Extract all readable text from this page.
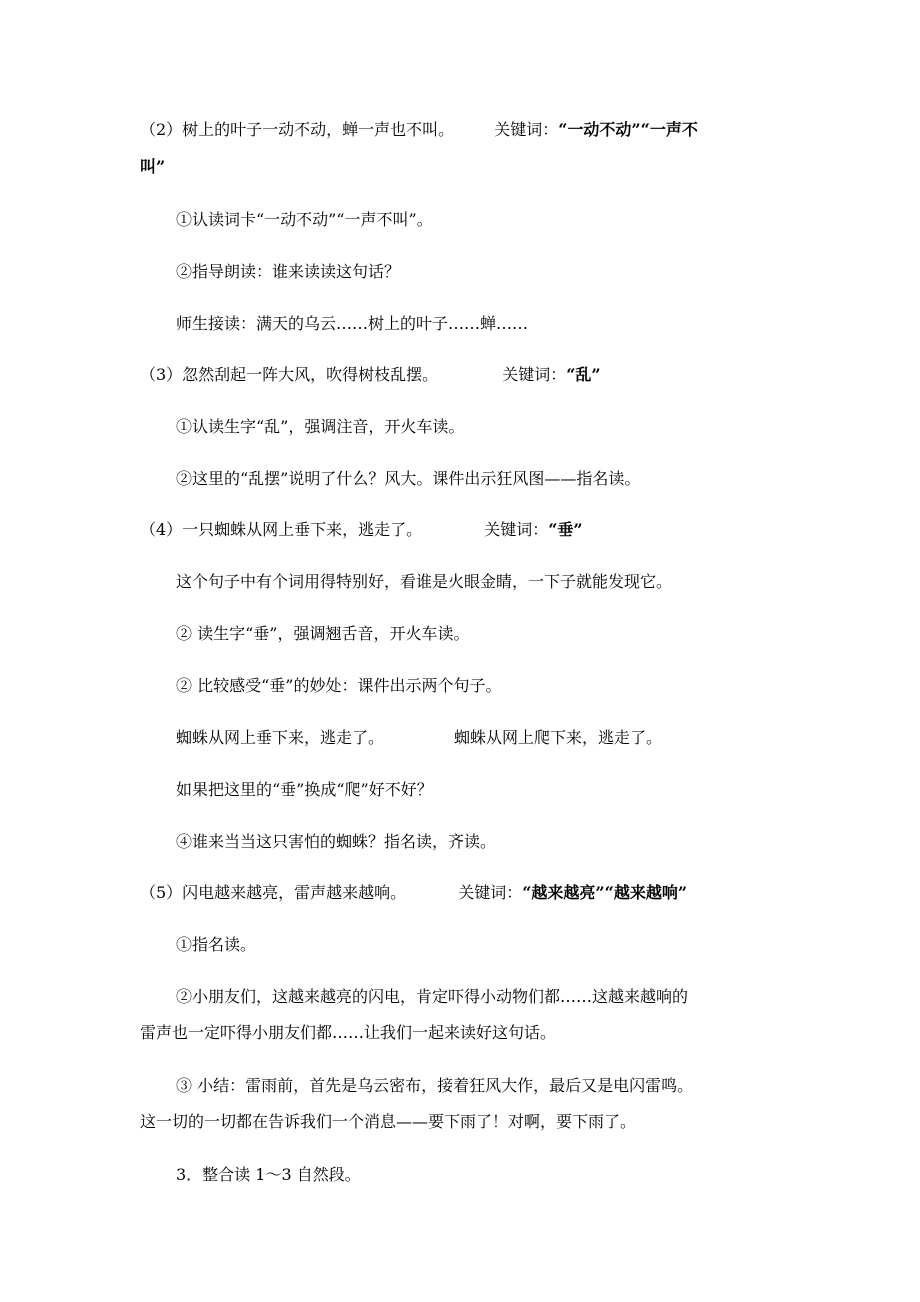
（2）树上的叶子一动不动，蝉一声也不叫。	关键词：“一动不动”“一声不
叫”
①认读词卡“一动不动”“一声不叫”。
②指导朗读：谁来读读这句话？
师生接读：满天的乌云……树上的叶子……蝉……
（3）忽然刮起一阵大风，吹得树枝乱摆。	关键词：“乱”
①认读生字“乱”，强调注音，开火车读。
②这里的“乱摆”说明了什么？风大。课件出示狂风图——指名读。
（4）一只蜘蛛从网上垂下来，逃走了。	关键词：“垂”
这个句子中有个词用得特别好，看谁是火眼金睛，一下子就能发现它。
② 读生字“垂”，强调翘舌音，开火车读。
② 比较感受“垂”的妙处：课件出示两个句子。
蜘蛛从网上垂下来，逃走了。	蜘蛛从网上爬下来，逃走了。
如果把这里的“垂”换成“爬”好不好？
④谁来当当这只害怕的蜘蛛？指名读，齐读。
（5）闪电越来越亮，雷声越来越响。	关键词：“越来越亮”“越来越响”
①指名读。
②小朋友们，这越来越亮的闪电，肯定吓得小动物们都……这越来越响的
雷声也一定吓得小朋友们都……让我们一起来读好这句话。
③ 小结：雷雨前，首先是乌云密布，接着狂风大作，最后又是电闪雷鸣。
这一切的一切都在告诉我们一个消息——要下雨了！对啊，要下雨了。
3．整合读 1～3 自然段。
